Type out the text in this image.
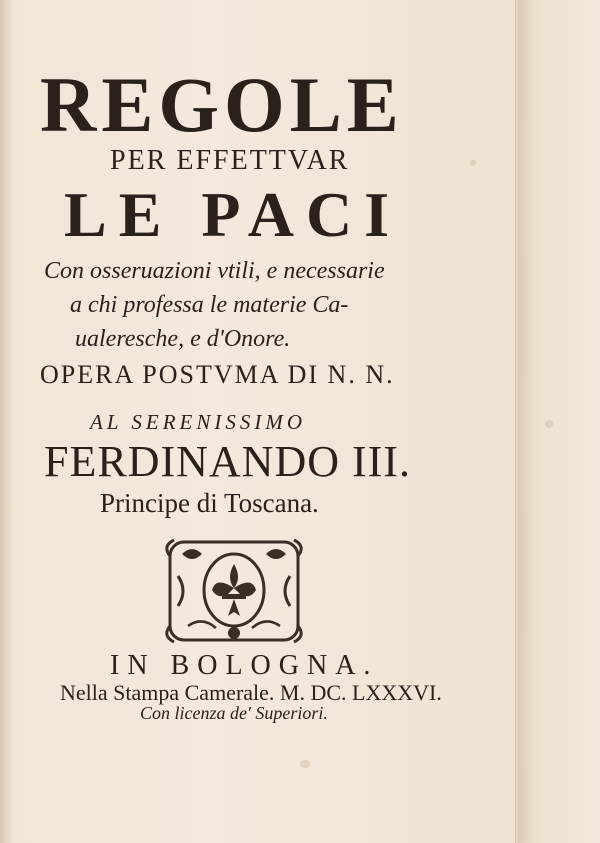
REGOLE
PER EFFETTVAR
LE PACI
Con osseruazioni vtili, e necessarie
a chi professa le materie Ca-
ualeresche, e d'Onore.
OPERA POSTVMA DI N. N.
AL SERENISSIMO
FERDINANDO III.
Principe di Toscana.
IN BOLOGNA.
Nella Stampa Camerale. M. DC. LXXXVI.
Con licenza de' Superiori.
